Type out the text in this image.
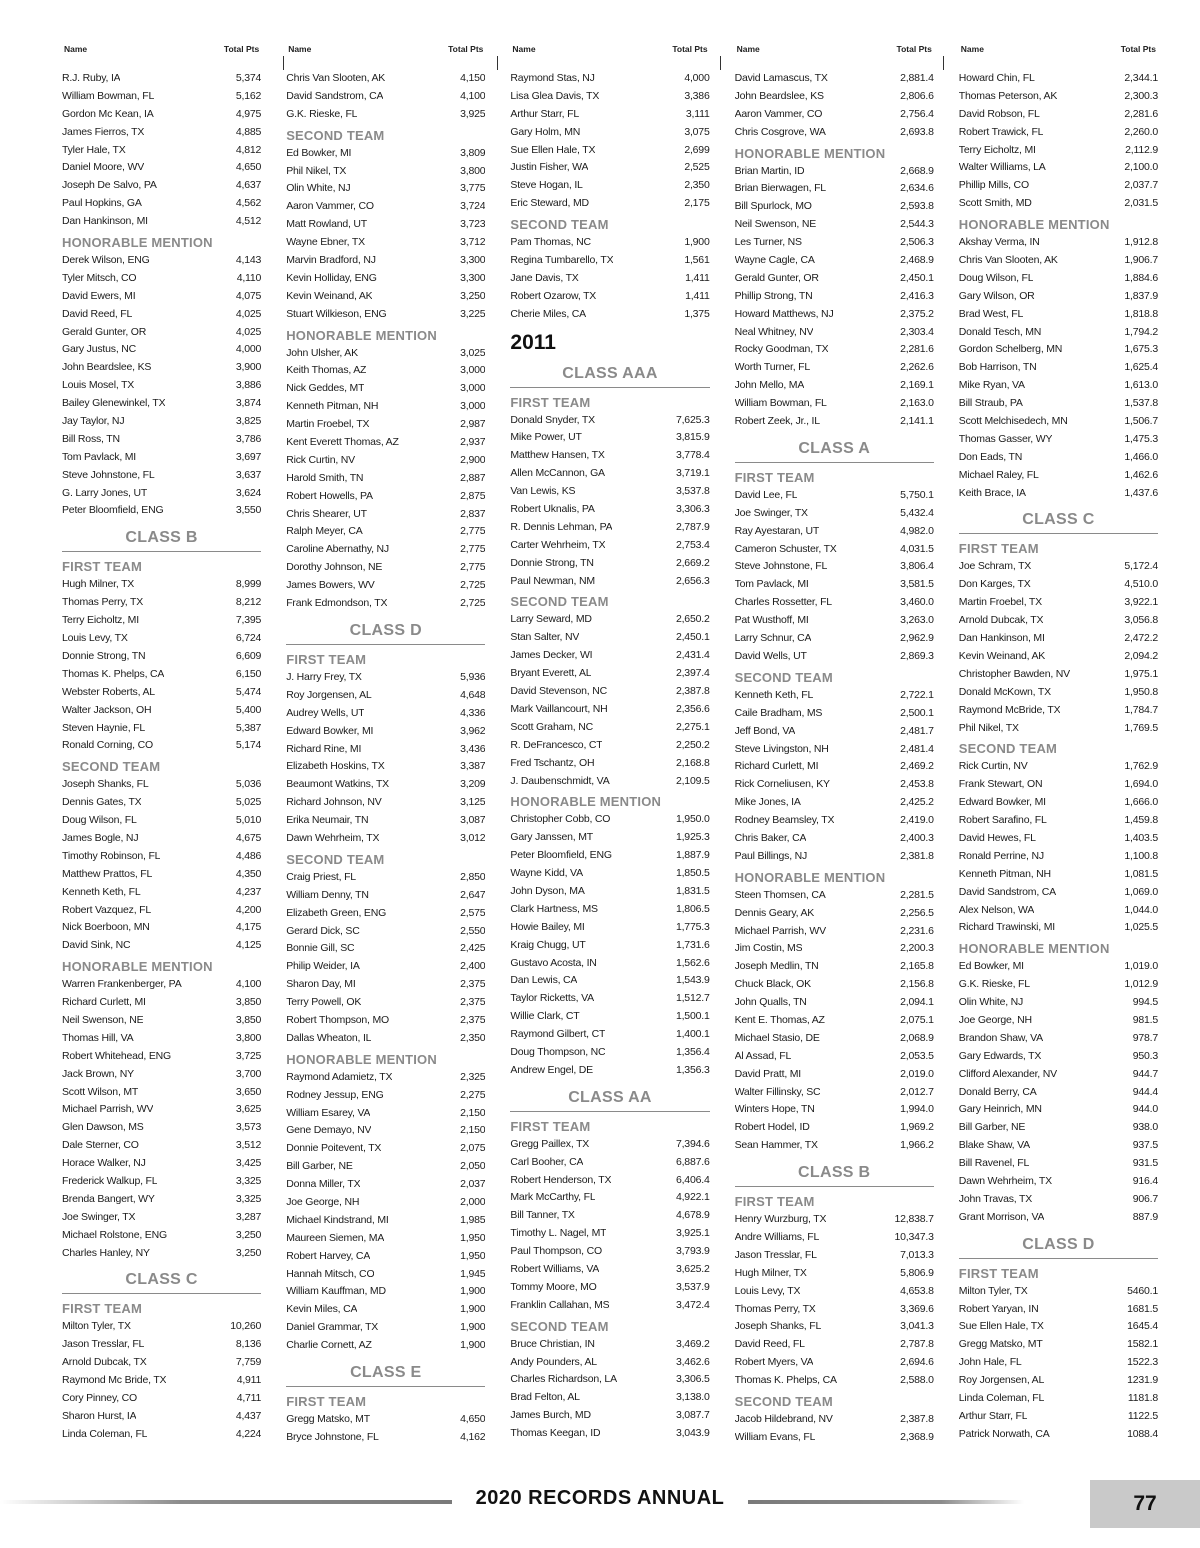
Name	Total Pts
R.J. Ruby, IA	5,374
William Bowman, FL	5,162
Gordon Mc Kean, IA	4,975
James Fierros, TX	4,885
Tyler Hale, TX	4,812
Daniel Moore, WV	4,650
Joseph De Salvo, PA	4,637
Paul Hopkins, GA	4,562
Dan Hankinson, MI	4,512
HONORABLE MENTION
Derek Wilson, ENG	4,143
Tyler Mitsch, CO	4,110
David Ewers, MI	4,075
David Reed, FL	4,025
Gerald Gunter, OR	4,025
Gary Justus, NC	4,000
John Beardslee, KS	3,900
Louis Mosel, TX	3,886
Bailey Glenewinkel, TX	3,874
Jay Taylor, NJ	3,825
Bill Ross, TN	3,786
Tom Pavlack, MI	3,697
Steve Johnstone, FL	3,637
G. Larry Jones, UT	3,624
Peter Bloomfield, ENG	3,550
CLASS B
FIRST TEAM
Hugh Milner, TX	8,999
Thomas Perry, TX	8,212
Terry Eicholtz, MI	7,395
Louis Levy, TX	6,724
Donnie Strong, TN	6,609
Thomas K. Phelps, CA	6,150
Webster Roberts, AL	5,474
Walter Jackson, OH	5,400
Steven Haynie, FL	5,387
Ronald Corning, CO	5,174
SECOND TEAM
Joseph Shanks, FL	5,036
Dennis Gates, TX	5,025
Doug Wilson, FL	5,010
James Bogle, NJ	4,675
Timothy Robinson, FL	4,486
Matthew Prattos, FL	4,350
Kenneth Keth, FL	4,237
Robert Vazquez, FL	4,200
Nick Boerboon, MN	4,175
David Sink, NC	4,125
HONORABLE MENTION
Warren Frankenberger, PA	4,100
Richard Curlett, MI	3,850
Neil Swenson, NE	3,850
Thomas Hill, VA	3,800
Robert Whitehead, ENG	3,725
Jack Brown, NY	3,700
Scott Wilson, MT	3,650
Michael Parrish, WV	3,625
Glen Dawson, MS	3,573
Dale Sterner, CO	3,512
Horace Walker, NJ	3,425
Frederick Walkup, FL	3,325
Brenda Bangert, WY	3,325
Joe Swinger, TX	3,287
Michael Rolstone, ENG	3,250
Charles Hanley, NY	3,250
CLASS C
FIRST TEAM
Milton Tyler, TX	10,260
Jason Tresslar, FL	8,136
Arnold Dubcak, TX	7,759
Raymond Mc Bride, TX	4,911
Cory Pinney, CO	4,711
Sharon Hurst, IA	4,437
Linda Coleman, FL	4,224
Name	Total Pts
Chris Van Slooten, AK	4,150
David Sandstrom, CA	4,100
G.K. Rieske, FL	3,925
SECOND TEAM
Ed Bowker, MI	3,809
Phil Nikel, TX	3,800
Olin White, NJ	3,775
Aaron Vammer, CO	3,724
Matt Rowland, UT	3,723
Wayne Ebner, TX	3,712
Marvin Bradford, NJ	3,300
Kevin Holliday, ENG	3,300
Kevin Weinand, AK	3,250
Stuart Wilkieson, ENG	3,225
HONORABLE MENTION
John Ulsher, AK	3,025
Keith Thomas, AZ	3,000
Nick Geddes, MT	3,000
Kenneth Pitman, NH	3,000
Martin Froebel, TX	2,987
Kent Everett Thomas, AZ	2,937
Rick Curtin, NV	2,900
Harold Smith, TN	2,887
Robert Howells, PA	2,875
Chris Shearer, UT	2,837
Ralph Meyer, CA	2,775
Caroline Abernathy, NJ	2,775
Dorothy Johnson, NE	2,775
James Bowers, WV	2,725
Frank Edmondson, TX	2,725
CLASS D
FIRST TEAM
J. Harry Frey, TX	5,936
Roy Jorgensen, AL	4,648
Audrey Wells, UT	4,336
Edward Bowker, MI	3,962
Richard Rine, MI	3,436
Elizabeth Hoskins, TX	3,387
Beaumont Watkins, TX	3,209
Richard Johnson, NV	3,125
Erika Neumair, TN	3,087
Dawn Wehrheim, TX	3,012
SECOND TEAM
Craig Priest, FL	2,850
William Denny, TN	2,647
Elizabeth Green, ENG	2,575
Gerard Dick, SC	2,550
Bonnie Gill, SC	2,425
Philip Weider, IA	2,400
Sharon Day, MI	2,375
Terry Powell, OK	2,375
Robert Thompson, MO	2,375
Dallas Wheaton, IL	2,350
HONORABLE MENTION
Raymond Adamietz, TX	2,325
Rodney Jessup, ENG	2,275
William Esarey, VA	2,150
Gene Demayo, NV	2,150
Donnie Poitevent, TX	2,075
Bill Garber, NE	2,050
Donna Miller, TX	2,037
Joe George, NH	2,000
Michael Kindstrand, MI	1,985
Maureen Siemen, MA	1,950
Robert Harvey, CA	1,950
Hannah Mitsch, CO	1,945
William Kauffman, MD	1,900
Kevin Miles, CA	1,900
Daniel Grammar, TX	1,900
Charlie Cornett, AZ	1,900
CLASS E
FIRST TEAM
Gregg Matsko, MT	4,650
Bryce Johnstone, FL	4,162
Name	Total Pts
Raymond Stas, NJ	4,000
Lisa Glea Davis, TX	3,386
Arthur Starr, FL	3,111
Gary Holm, MN	3,075
Sue Ellen Hale, TX	2,699
Justin Fisher, WA	2,525
Steve Hogan, IL	2,350
Eric Steward, MD	2,175
SECOND TEAM
Pam Thomas, NC	1,900
Regina Tumbarello, TX	1,561
Jane Davis, TX	1,411
Robert Ozarow, TX	1,411
Cherie Miles, CA	1,375
2011
CLASS AAA
FIRST TEAM
Donald Snyder, TX	7,625.3
Mike Power, UT	3,815.9
Matthew Hansen, TX	3,778.4
Allen McCannon, GA	3,719.1
Van Lewis, KS	3,537.8
Robert Uknalis, PA	3,306.3
R. Dennis Lehman, PA	2,787.9
Carter Wehrheim, TX	2,753.4
Donnie Strong, TN	2,669.2
Paul Newman, NM	2,656.3
SECOND TEAM
Larry Seward, MD	2,650.2
Stan Salter, NV	2,450.1
James Decker, WI	2,431.4
Bryant Everett, AL	2,397.4
David Stevenson, NC	2,387.8
Mark Vaillancourt, NH	2,356.6
Scott Graham, NC	2,275.1
R. DeFrancesco, CT	2,250.2
Fred Tschantz, OH	2,168.8
J. Daubenschmidt, VA	2,109.5
HONORABLE MENTION
Christopher Cobb, CO	1,950.0
Gary Janssen, MT	1,925.3
Peter Bloomfield, ENG	1,887.9
Wayne Kidd, VA	1,850.5
John Dyson, MA	1,831.5
Clark Hartness, MS	1,806.5
Howie Bailey, MI	1,775.3
Kraig Chugg, UT	1,731.6
Gustavo Acosta, IN	1,562.6
Dan Lewis, CA	1,543.9
Taylor Ricketts, VA	1,512.7
Willie Clark, CT	1,500.1
Raymond Gilbert, CT	1,400.1
Doug Thompson, NC	1,356.4
Andrew Engel, DE	1,356.3
CLASS AA
FIRST TEAM
Gregg Paillex, TX	7,394.6
Carl Booher, CA	6,887.6
Robert Henderson, TX	6,406.4
Mark McCarthy, FL	4,922.1
Bill Tanner, TX	4,678.9
Timothy L. Nagel, MT	3,925.1
Paul Thompson, CO	3,793.9
Robert Williams, VA	3,625.2
Tommy Moore, MO	3,537.9
Franklin Callahan, MS	3,472.4
SECOND TEAM
Bruce Christian, IN	3,469.2
Andy Pounders, AL	3,462.6
Charles Richardson, LA	3,306.5
Brad Felton, AL	3,138.0
James Burch, MD	3,087.7
Thomas Keegan, ID	3,043.9
Name	Total Pts
David Lamascus, TX	2,881.4
John Beardslee, KS	2,806.6
Aaron Vammer, CO	2,756.4
Chris Cosgrove, WA	2,693.8
HONORABLE MENTION
Brian Martin, ID	2,668.9
Brian Bierwagen, FL	2,634.6
Bill Spurlock, MO	2,593.8
Neil Swenson, NE	2,544.3
Les Turner, NS	2,506.3
Wayne Cagle, CA	2,468.9
Gerald Gunter, OR	2,450.1
Phillip Strong, TN	2,416.3
Howard Matthews, NJ	2,375.2
Neal Whitney, NV	2,303.4
Rocky Goodman, TX	2,281.6
Worth Turner, FL	2,262.6
John Mello, MA	2,169.1
William Bowman, FL	2,163.0
Robert Zeek, Jr., IL	2,141.1
CLASS A
FIRST TEAM
David Lee, FL	5,750.1
Joe Swinger, TX	5,432.4
Ray Ayestaran, UT	4,982.0
Cameron Schuster, TX	4,031.5
Steve Johnstone, FL	3,806.4
Tom Pavlack, MI	3,581.5
Charles Rossetter, FL	3,460.0
Pat Wusthoff, MI	3,263.0
Larry Schnur, CA	2,962.9
David Wells, UT	2,869.3
SECOND TEAM
Kenneth Keth, FL	2,722.1
Caile Bradham, MS	2,500.1
Jeff Bond, VA	2,481.7
Steve Livingston, NH	2,481.4
Richard Curlett, MI	2,469.2
Rick Corneliusen, KY	2,453.8
Mike Jones, IA	2,425.2
Rodney Beamsley, TX	2,419.0
Chris Baker, CA	2,400.3
Paul Billings, NJ	2,381.8
HONORABLE MENTION
Steen Thomsen, CA	2,281.5
Dennis Geary, AK	2,256.5
Michael Parrish, WV	2,231.6
Jim Costin, MS	2,200.3
Joseph Medlin, TN	2,165.8
Chuck Black, OK	2,156.8
John Qualls, TN	2,094.1
Kent E. Thomas, AZ	2,075.1
Michael Stasio, DE	2,068.9
Al Assad, FL	2,053.5
David Pratt, MI	2,019.0
Walter Fillinsky, SC	2,012.7
Winters Hope, TN	1,994.0
Robert Hodel, ID	1,969.2
Sean Hammer, TX	1,966.2
CLASS B
FIRST TEAM
Henry Wurzburg, TX	12,838.7
Andre Williams, FL	10,347.3
Jason Tresslar, FL	7,013.3
Hugh Milner, TX	5,806.9
Louis Levy, TX	4,653.8
Thomas Perry, TX	3,369.6
Joseph Shanks, FL	3,041.3
David Reed, FL	2,787.8
Robert Myers, VA	2,694.6
Thomas K. Phelps, CA	2,588.0
SECOND TEAM
Jacob Hildebrand, NV	2,387.8
William Evans, FL	2,368.9
Name	Total Pts
Howard Chin, FL	2,344.1
Thomas Peterson, AK	2,300.3
David Robson, FL	2,281.6
Robert Trawick, FL	2,260.0
Terry Eicholtz, MI	2,112.9
Walter Williams, LA	2,100.0
Phillip Mills, CO	2,037.7
Scott Smith, MD	2,031.5
HONORABLE MENTION
Akshay Verma, IN	1,912.8
Chris Van Slooten, AK	1,906.7
Doug Wilson, FL	1,884.6
Gary Wilson, OR	1,837.9
Brad West, FL	1,818.8
Donald Tesch, MN	1,794.2
Gordon Schelberg, MN	1,675.3
Bob Harrison, TN	1,625.4
Mike Ryan, VA	1,613.0
Bill Straub, PA	1,537.8
Scott Melchisedech, MN	1,506.7
Thomas Gasser, WY	1,475.3
Don Eads, TN	1,466.0
Michael Raley, FL	1,462.6
Keith Brace, IA	1,437.6
CLASS C
FIRST TEAM
Joe Schram, TX	5,172.4
Don Karges, TX	4,510.0
Martin Froebel, TX	3,922.1
Arnold Dubcak, TX	3,056.8
Dan Hankinson, MI	2,472.2
Kevin Weinand, AK	2,094.2
Christopher Bawden, NV	1,975.1
Donald McKown, TX	1,950.8
Raymond McBride, TX	1,784.7
Phil Nikel, TX	1,769.5
SECOND TEAM
Rick Curtin, NV	1,762.9
Frank Stewart, ON	1,694.0
Edward Bowker, MI	1,666.0
Robert Sarafino, FL	1,459.8
David Hewes, FL	1,403.5
Ronald Perrine, NJ	1,100.8
Kenneth Pitman, NH	1,081.5
David Sandstrom, CA	1,069.0
Alex Nelson, WA	1,044.0
Richard Trawinski, MI	1,025.5
HONORABLE MENTION
Ed Bowker, MI	1,019.0
G.K. Rieske, FL	1,012.9
Olin White, NJ	994.5
Joe George, NH	981.5
Brandon Shaw, VA	978.7
Gary Edwards, TX	950.3
Clifford Alexander, NV	944.7
Donald Berry, CA	944.4
Gary Heinrich, MN	944.0
Bill Garber, NE	938.0
Blake Shaw, VA	937.5
Bill Ravenel, FL	931.5
Dawn Wehrheim, TX	916.4
John Travas, TX	906.7
Grant Morrison, VA	887.9
CLASS D
FIRST TEAM
Milton Tyler, TX	5460.1
Robert Yaryan, IN	1681.5
Sue Ellen Hale, TX	1645.4
Gregg Matsko, MT	1582.1
John Hale, FL	1522.3
Roy Jorgensen, AL	1231.9
Linda Coleman, FL	1181.8
Arthur Starr, FL	1122.5
Patrick Norwath, CA	1088.4
2020 RECORDS ANNUAL	77
